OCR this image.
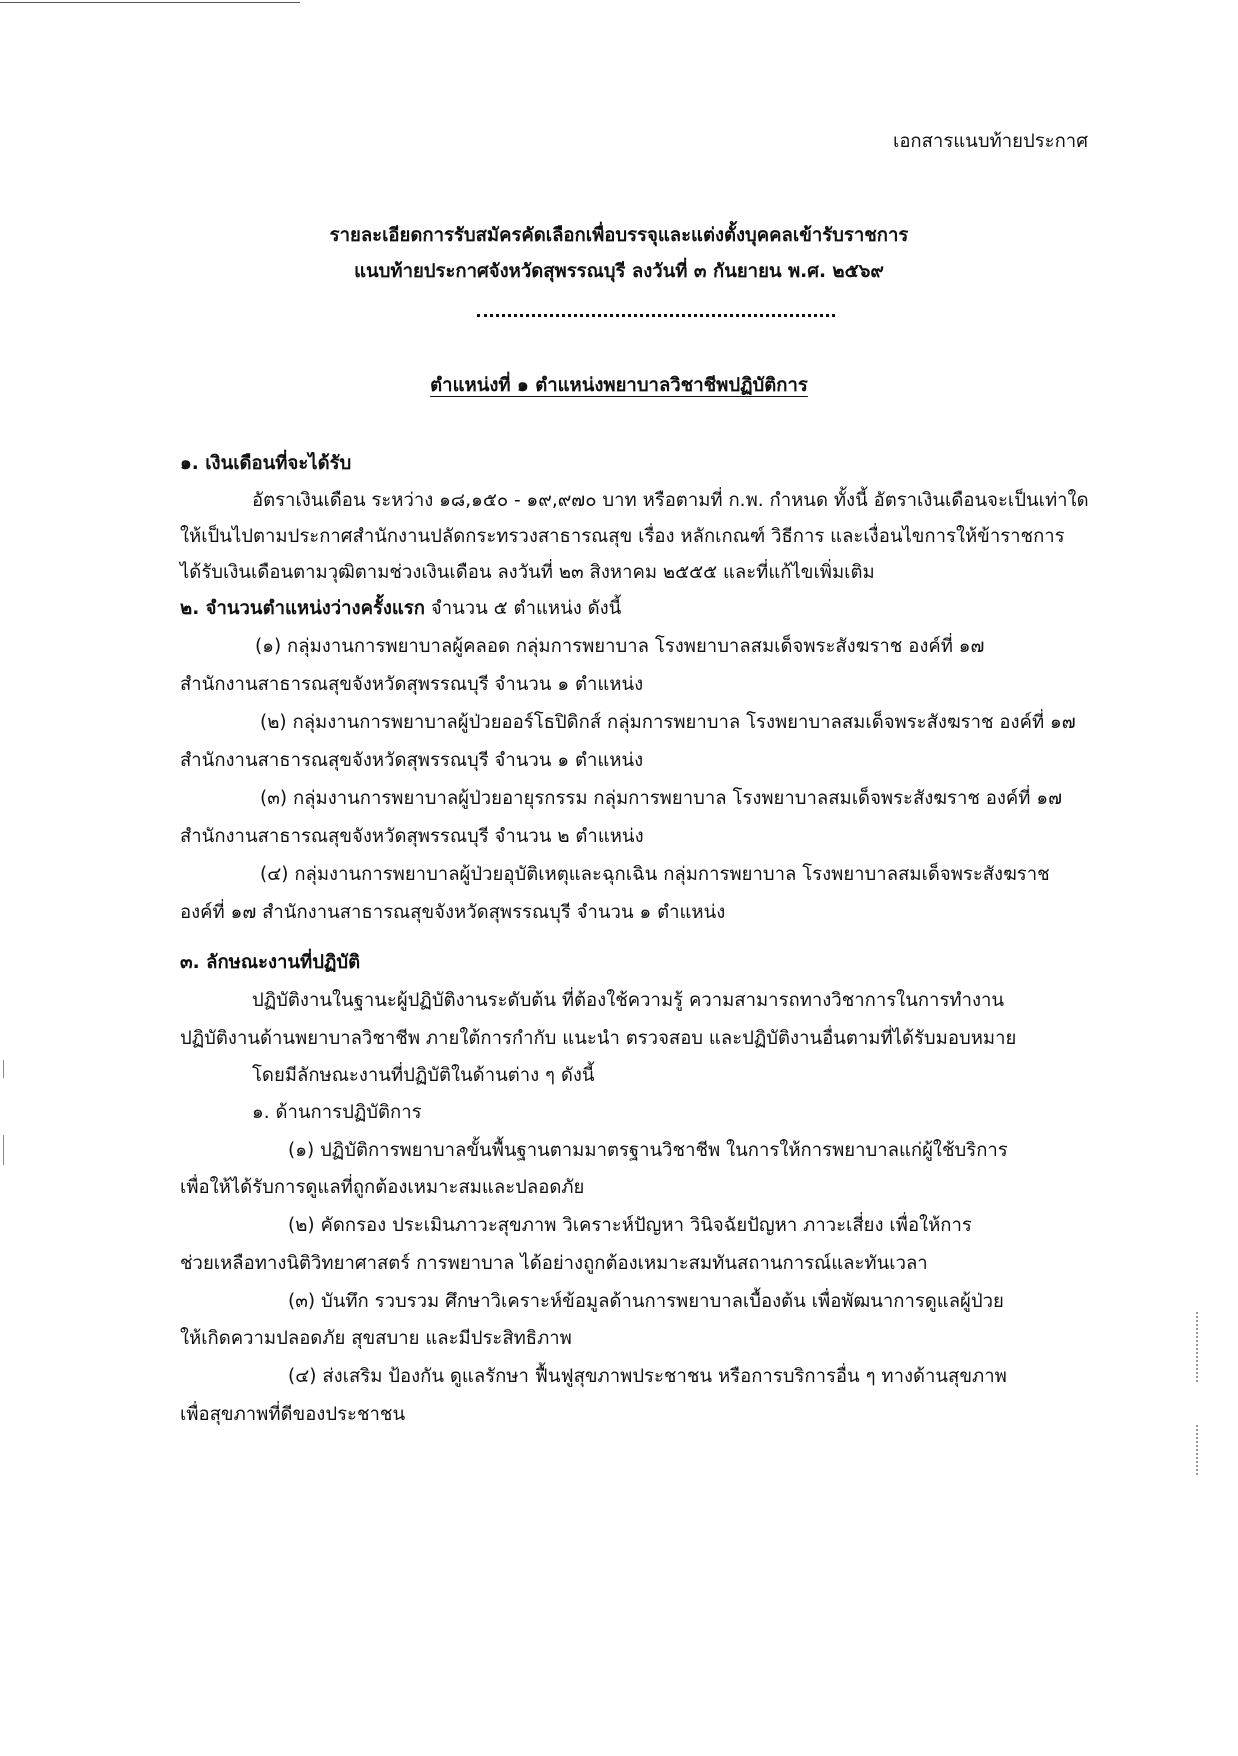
เอกสารแนบท้ายประกาศ
รายละเอียดการรับสมัครคัดเลือกเพื่อบรรจุและแต่งตั้งบุคคลเข้ารับราชการ
แนบท้ายประกาศจังหวัดสุพรรณบุรี ลงวันที่ ๓ กันยายน พ.ศ. ๒๕๖๙
ตำแหน่งที่ ๑ ตำแหน่งพยาบาลวิชาชีพปฏิบัติการ
๑. เงินเดือนที่จะได้รับ
อัตราเงินเดือน ระหว่าง ๑๘,๑๕๐ - ๑๙,๙๗๐ บาท หรือตามที่ ก.พ. กำหนด ทั้งนี้ อัตราเงินเดือนจะเป็นเท่าใด
ให้เป็นไปตามประกาศสำนักงานปลัดกระทรวงสาธารณสุข เรื่อง หลักเกณฑ์ วิธีการ และเงื่อนไขการให้ข้าราชการ
ได้รับเงินเดือนตามวุฒิตามช่วงเงินเดือน ลงวันที่ ๒๓ สิงหาคม ๒๕๕๕ และที่แก้ไขเพิ่มเติม
๒. จำนวนตำแหน่งว่างครั้งแรก จำนวน ๕ ตำแหน่ง ดังนี้
(๑) กลุ่มงานการพยาบาลผู้คลอด กลุ่มการพยาบาล โรงพยาบาลสมเด็จพระสังฆราช องค์ที่ ๑๗
สำนักงานสาธารณสุขจังหวัดสุพรรณบุรี จำนวน ๑ ตำแหน่ง
(๒) กลุ่มงานการพยาบาลผู้ป่วยออร์โธปิดิกส์ กลุ่มการพยาบาล โรงพยาบาลสมเด็จพระสังฆราช องค์ที่ ๑๗
สำนักงานสาธารณสุขจังหวัดสุพรรณบุรี จำนวน ๑ ตำแหน่ง
(๓) กลุ่มงานการพยาบาลผู้ป่วยอายุรกรรม กลุ่มการพยาบาล โรงพยาบาลสมเด็จพระสังฆราช องค์ที่ ๑๗
สำนักงานสาธารณสุขจังหวัดสุพรรณบุรี จำนวน ๒ ตำแหน่ง
(๔) กลุ่มงานการพยาบาลผู้ป่วยอุบัติเหตุและฉุกเฉิน กลุ่มการพยาบาล โรงพยาบาลสมเด็จพระสังฆราช
องค์ที่ ๑๗ สำนักงานสาธารณสุขจังหวัดสุพรรณบุรี จำนวน ๑ ตำแหน่ง
๓. ลักษณะงานที่ปฏิบัติ
ปฏิบัติงานในฐานะผู้ปฏิบัติงานระดับต้น ที่ต้องใช้ความรู้ ความสามารถทางวิชาการในการทำงาน
ปฏิบัติงานด้านพยาบาลวิชาชีพ ภายใต้การกำกับ แนะนำ ตรวจสอบ และปฏิบัติงานอื่นตามที่ได้รับมอบหมาย
โดยมีลักษณะงานที่ปฏิบัติในด้านต่าง ๆ ดังนี้
๑. ด้านการปฏิบัติการ
(๑) ปฏิบัติการพยาบาลขั้นพื้นฐานตามมาตรฐานวิชาชีพ ในการให้การพยาบาลแก่ผู้ใช้บริการ
เพื่อให้ได้รับการดูแลที่ถูกต้องเหมาะสมและปลอดภัย
(๒) คัดกรอง ประเมินภาวะสุขภาพ วิเคราะห์ปัญหา วินิจฉัยปัญหา ภาวะเสี่ยง เพื่อให้การ
ช่วยเหลือทางนิติวิทยาศาสตร์ การพยาบาล ได้อย่างถูกต้องเหมาะสมทันสถานการณ์และทันเวลา
(๓) บันทึก รวบรวม ศึกษาวิเคราะห์ข้อมูลด้านการพยาบาลเบื้องต้น เพื่อพัฒนาการดูแลผู้ป่วย
ให้เกิดความปลอดภัย สุขสบาย และมีประสิทธิภาพ
(๔) ส่งเสริม ป้องกัน ดูแลรักษา ฟื้นฟูสุขภาพประชาชน หรือการบริการอื่น ๆ ทางด้านสุขภาพ
เพื่อสุขภาพที่ดีของประชาชน
